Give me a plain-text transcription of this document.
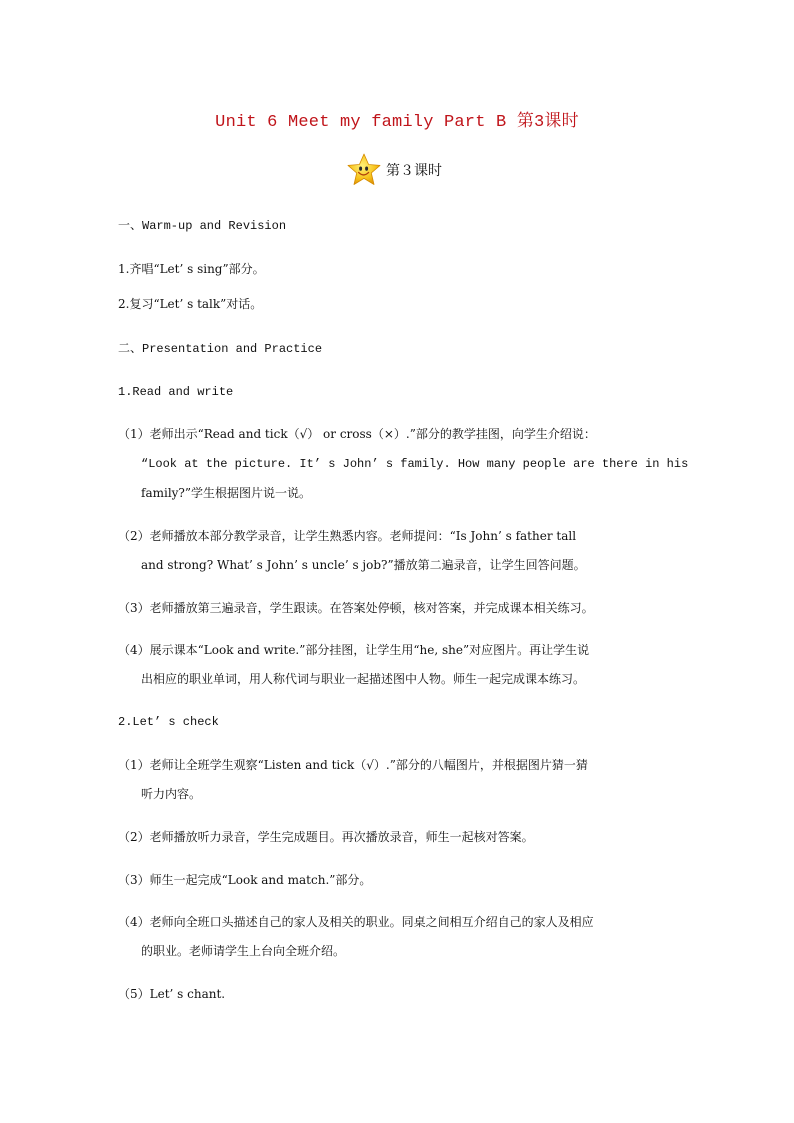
Unit 6 Meet my family Part B 第3课时
第３课时
一、Warm-up and Revision
1.齐唱“Let’ s sing”部分。
2.复习“Let’ s talk”对话。
二、Presentation and Practice
1.Read and write
（1）老师出示“Read and tick（√） or cross（×）.”部分的教学挂图，向学生介绍说：
“Look at the picture. It’ s John’ s family. How many people are there in his
family?”学生根据图片说一说。
（2）老师播放本部分教学录音，让学生熟悉内容。老师提问：“Is John’ s father tall
and strong? What’ s John’ s uncle’ s job?”播放第二遍录音，让学生回答问题。
（3）老师播放第三遍录音，学生跟读。在答案处停顿，核对答案，并完成课本相关练习。
（4）展示课本“Look and write.”部分挂图，让学生用“he, she”对应图片。再让学生说
出相应的职业单词，用人称代词与职业一起描述图中人物。师生一起完成课本练习。
2.Let’ s check
（1）老师让全班学生观察“Listen and tick（√）.”部分的八幅图片，并根据图片猜一猜
听力内容。
（2）老师播放听力录音，学生完成题目。再次播放录音，师生一起核对答案。
（3）师生一起完成“Look and match.”部分。
（4）老师向全班口头描述自己的家人及相关的职业。同桌之间相互介绍自己的家人及相应
的职业。老师请学生上台向全班介绍。
（5）Let’ s chant.
